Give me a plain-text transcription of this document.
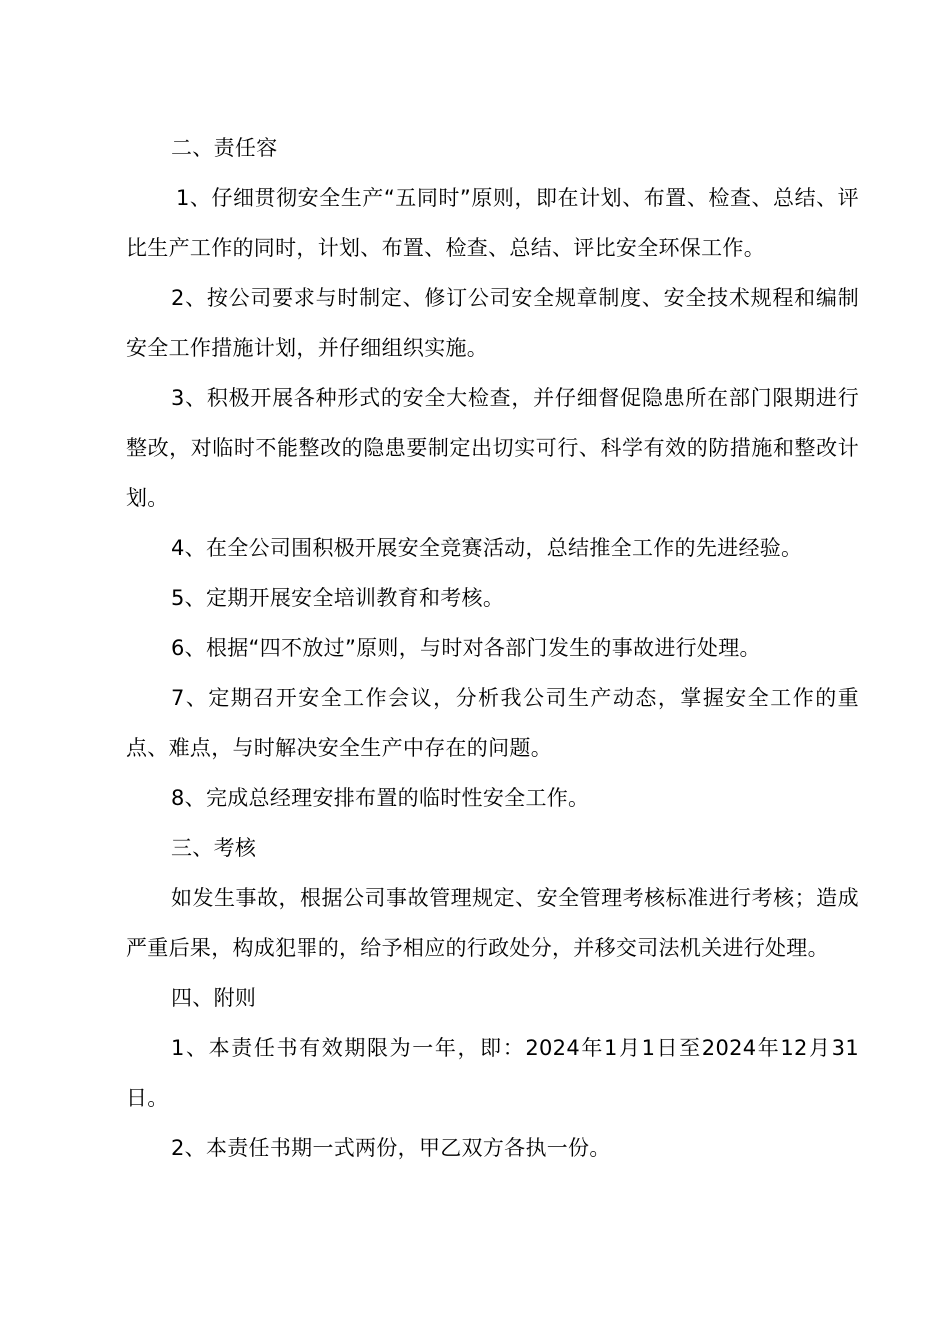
二、责任容

1、仔细贯彻安全生产“五同时”原则，即在计划、布置、检查、总结、评比生产工作的同时，计划、布置、检查、总结、评比安全环保工作。

2、按公司要求与时制定、修订公司安全规章制度、安全技术规程和编制安全工作措施计划，并仔细组织实施。

3、积极开展各种形式的安全大检查，并仔细督促隐患所在部门限期进行整改，对临时不能整改的隐患要制定出切实可行、科学有效的防措施和整改计划。

4、在全公司围积极开展安全竞赛活动，总结推全工作的先进经验。

5、定期开展安全培训教育和考核。

6、根据“四不放过”原则，与时对各部门发生的事故进行处理。

7、定期召开安全工作会议，分析我公司生产动态，掌握安全工作的重点、难点，与时解决安全生产中存在的问题。

8、完成总经理安排布置的临时性安全工作。

三、考核

如发生事故，根据公司事故管理规定、安全管理考核标准进行考核；造成严重后果，构成犯罪的，给予相应的行政处分，并移交司法机关进行处理。

四、附则

1、本责任书有效期限为一年，即：2024年1月1日至2024年12月31日。

2、本责任书期一式两份，甲乙双方各执一份。
